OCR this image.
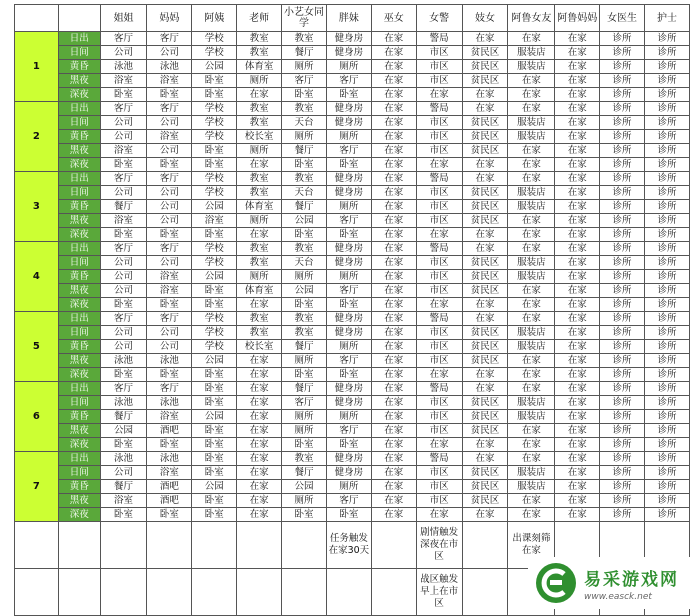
		姐姐	妈妈	阿姨	老师	小艺女同学	胖妹	巫女	女警	妓女	阿鲁女友	阿鲁妈妈	女医生	护士
1	日出	客厅	客厅	学校	教室	教室	健身房	在家	警局	在家	在家	在家	诊所	诊所
	日间	公司	公司	学校	教室	餐厅	健身房	在家	市区	贫民区	服装店	在家	诊所	诊所
	黄昏	泳池	泳池	公园	体育室	厕所	厕所	在家	市区	贫民区	服装店	在家	诊所	诊所
	黑夜	浴室	浴室	卧室	厕所	客厅	客厅	在家	市区	贫民区	在家	在家	诊所	诊所
	深夜	卧室	卧室	卧室	在家	卧室	卧室	在家	在家	在家	在家	在家	诊所	诊所
2	日出	客厅	客厅	学校	教室	教室	健身房	在家	警局	在家	在家	在家	诊所	诊所
	日间	公司	公司	学校	教室	天台	健身房	在家	市区	贫民区	服装店	在家	诊所	诊所
	黄昏	公司	浴室	学校	校长室	厕所	厕所	在家	市区	贫民区	服装店	在家	诊所	诊所
	黑夜	浴室	公司	卧室	厕所	餐厅	客厅	在家	市区	贫民区	在家	在家	诊所	诊所
	深夜	卧室	卧室	卧室	在家	卧室	卧室	在家	在家	在家	在家	在家	诊所	诊所
3	日出	客厅	客厅	学校	教室	教室	健身房	在家	警局	在家	在家	在家	诊所	诊所
	日间	公司	公司	学校	教室	天台	健身房	在家	市区	贫民区	服装店	在家	诊所	诊所
	黄昏	餐厅	公司	公园	体育室	餐厅	厕所	在家	市区	贫民区	服装店	在家	诊所	诊所
	黑夜	浴室	公司	浴室	厕所	公园	客厅	在家	市区	贫民区	在家	在家	诊所	诊所
	深夜	卧室	卧室	卧室	在家	卧室	卧室	在家	在家	在家	在家	在家	诊所	诊所
4	日出	客厅	客厅	学校	教室	教室	健身房	在家	警局	在家	在家	在家	诊所	诊所
	日间	公司	公司	学校	教室	天台	健身房	在家	市区	贫民区	服装店	在家	诊所	诊所
	黄昏	公司	浴室	公园	厕所	厕所	厕所	在家	市区	贫民区	服装店	在家	诊所	诊所
	黑夜	公司	浴室	卧室	体育室	公园	客厅	在家	市区	贫民区	在家	在家	诊所	诊所
	深夜	卧室	卧室	卧室	在家	卧室	卧室	在家	在家	在家	在家	在家	诊所	诊所
5	日出	客厅	客厅	学校	教室	教室	健身房	在家	警局	在家	在家	在家	诊所	诊所
	日间	公司	公司	学校	教室	教室	健身房	在家	市区	贫民区	服装店	在家	诊所	诊所
	黄昏	公司	公司	学校	校长室	餐厅	厕所	在家	市区	贫民区	服装店	在家	诊所	诊所
	黑夜	泳池	泳池	公园	在家	厕所	客厅	在家	市区	贫民区	在家	在家	诊所	诊所
	深夜	卧室	卧室	卧室	在家	卧室	卧室	在家	在家	在家	在家	在家	诊所	诊所
6	日出	客厅	客厅	卧室	在家	餐厅	健身房	在家	警局	在家	在家	在家	诊所	诊所
	日间	泳池	泳池	卧室	在家	客厅	健身房	在家	市区	贫民区	服装店	在家	诊所	诊所
	黄昏	餐厅	浴室	公园	在家	厕所	厕所	在家	市区	贫民区	服装店	在家	诊所	诊所
	黑夜	公园	酒吧	卧室	在家	厕所	客厅	在家	市区	贫民区	在家	在家	诊所	诊所
	深夜	卧室	卧室	卧室	在家	卧室	卧室	在家	在家	在家	在家	在家	诊所	诊所
7	日出	泳池	泳池	卧室	在家	教室	健身房	在家	警局	在家	在家	在家	诊所	诊所
	日间	公司	浴室	卧室	在家	餐厅	健身房	在家	市区	贫民区	服装店	在家	诊所	诊所
	黄昏	餐厅	酒吧	公园	在家	公园	厕所	在家	市区	贫民区	服装店	在家	诊所	诊所
	黑夜	浴室	酒吧	卧室	在家	厕所	客厅	在家	市区	贫民区	在家	在家	诊所	诊所
	深夜	卧室	卧室	卧室	在家	卧室	卧室	在家	在家	在家	在家	在家	诊所	诊所
							任务触发在家30天		剧情触发深夜在市区		出课刻筛在家			
									战区触发早上在市区					
易采游戏网
www.easck.net
